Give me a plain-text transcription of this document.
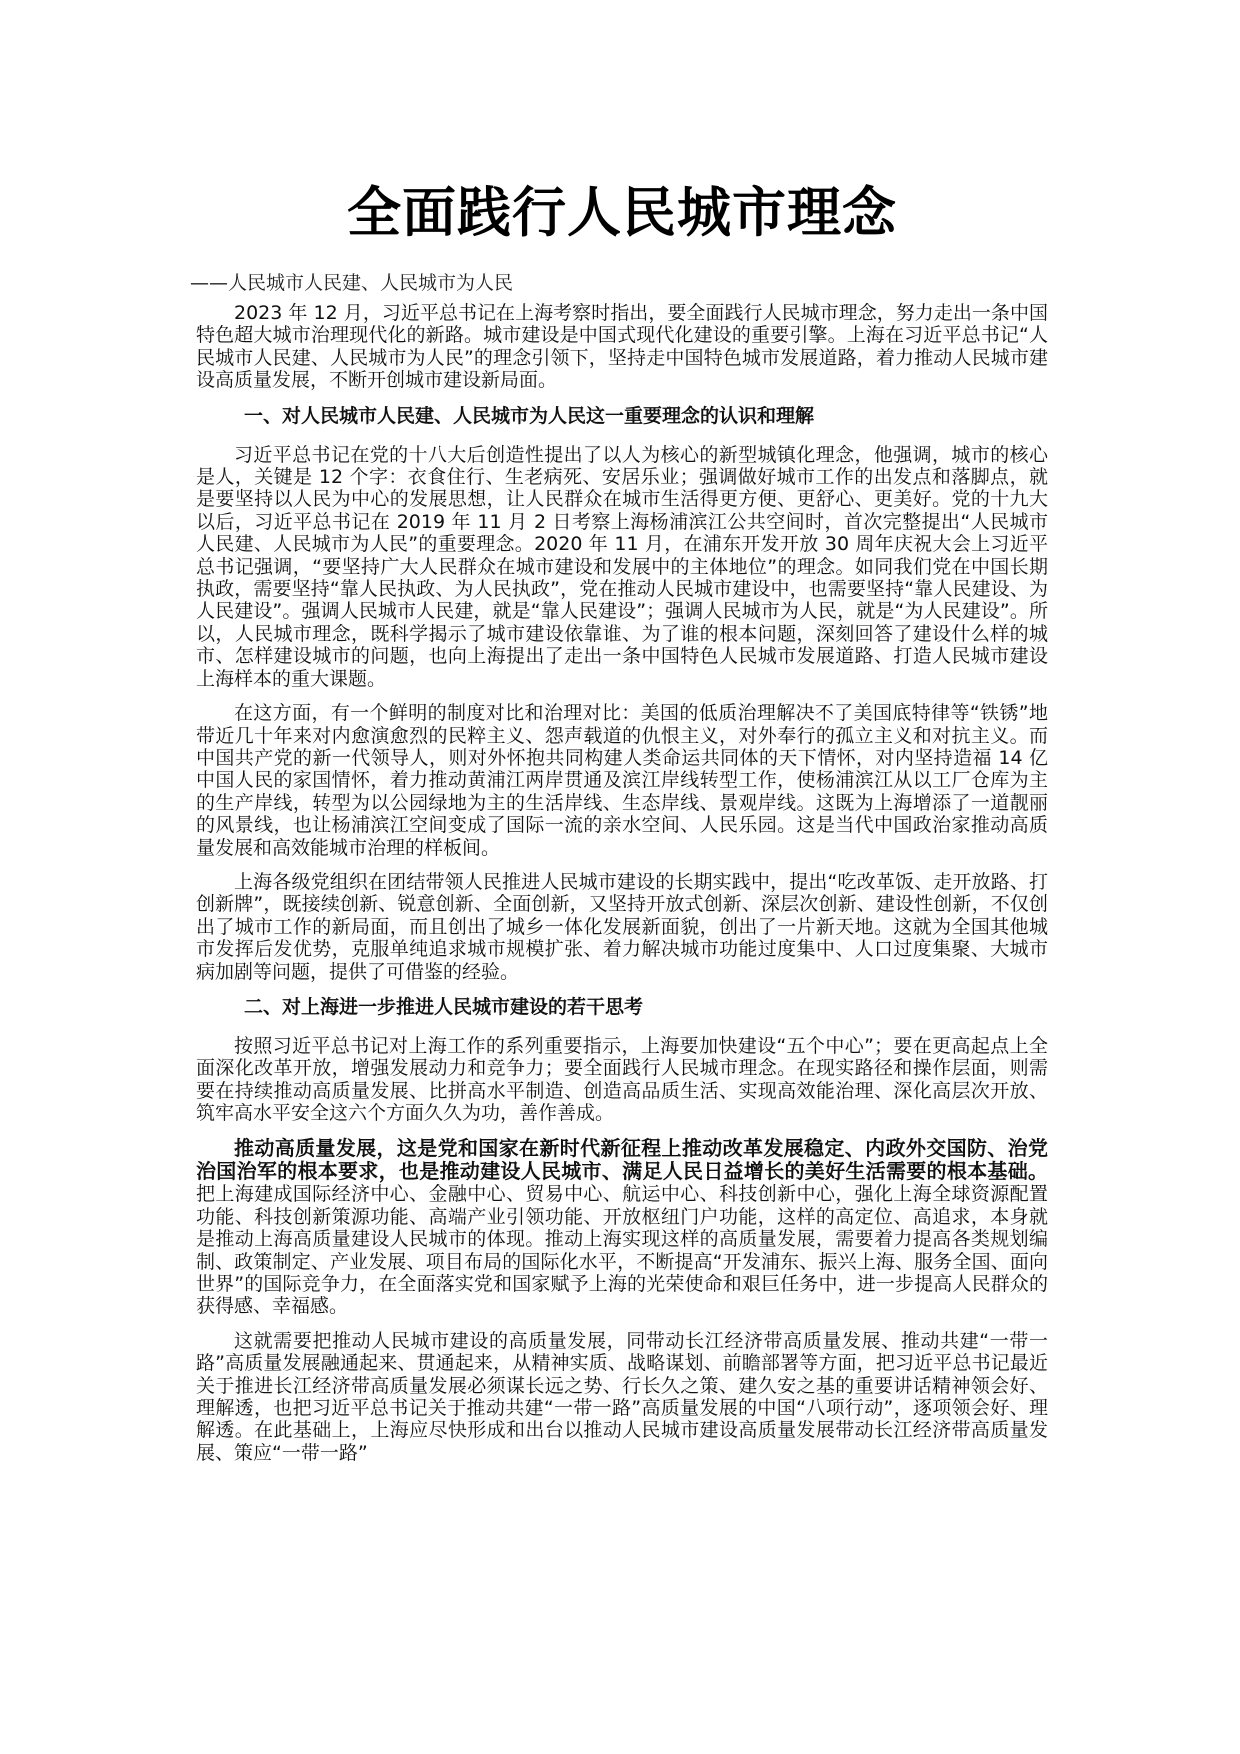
全面践行人民城市理念
——人民城市人民建、人民城市为人民

2023 年 12 月，习近平总书记在上海考察时指出，要全面践行人民城市理念，努力走出一条中国特色超大城市治理现代化的新路。城市建设是中国式现代化建设的重要引擎。上海在习近平总书记“人民城市人民建、人民城市为人民”的理念引领下，坚持走中国特色城市发展道路，着力推动人民城市建设高质量发展，不断开创城市建设新局面。

一、对人民城市人民建、人民城市为人民这一重要理念的认识和理解

习近平总书记在党的十八大后创造性提出了以人为核心的新型城镇化理念，他强调，城市的核心是人，关键是 12 个字：衣食住行、生老病死、安居乐业；强调做好城市工作的出发点和落脚点，就是要坚持以人民为中心的发展思想，让人民群众在城市生活得更方便、更舒心、更美好。党的十九大以后，习近平总书记在 2019 年 11 月 2 日考察上海杨浦滨江公共空间时，首次完整提出“人民城市人民建、人民城市为人民”的重要理念。2020 年 11 月，在浦东开发开放 30 周年庆祝大会上习近平总书记强调，“要坚持广大人民群众在城市建设和发展中的主体地位”的理念。如同我们党在中国长期执政，需要坚持“靠人民执政、为人民执政”，党在推动人民城市建设中，也需要坚持“靠人民建设、为人民建设”。强调人民城市人民建，就是“靠人民建设”；强调人民城市为人民，就是“为人民建设”。所以，人民城市理念，既科学揭示了城市建设依靠谁、为了谁的根本问题，深刻回答了建设什么样的城市、怎样建设城市的问题，也向上海提出了走出一条中国特色人民城市发展道路、打造人民城市建设上海样本的重大课题。

在这方面，有一个鲜明的制度对比和治理对比：美国的低质治理解决不了美国底特律等“铁锈”地带近几十年来对内愈演愈烈的民粹主义、怨声载道的仇恨主义，对外奉行的孤立主义和对抗主义。而中国共产党的新一代领导人，则对外怀抱共同构建人类命运共同体的天下情怀，对内坚持造福 14 亿中国人民的家国情怀，着力推动黄浦江两岸贯通及滨江岸线转型工作，使杨浦滨江从以工厂仓库为主的生产岸线，转型为以公园绿地为主的生活岸线、生态岸线、景观岸线。这既为上海增添了一道靓丽的风景线，也让杨浦滨江空间变成了国际一流的亲水空间、人民乐园。这是当代中国政治家推动高质量发展和高效能城市治理的样板间。

上海各级党组织在团结带领人民推进人民城市建设的长期实践中，提出“吃改革饭、走开放路、打创新牌”，既接续创新、锐意创新、全面创新，又坚持开放式创新、深层次创新、建设性创新，不仅创出了城市工作的新局面，而且创出了城乡一体化发展新面貌，创出了一片新天地。这就为全国其他城市发挥后发优势，克服单纯追求城市规模扩张、着力解决城市功能过度集中、人口过度集聚、大城市病加剧等问题，提供了可借鉴的经验。

二、对上海进一步推进人民城市建设的若干思考

按照习近平总书记对上海工作的系列重要指示，上海要加快建设“五个中心”；要在更高起点上全面深化改革开放，增强发展动力和竞争力；要全面践行人民城市理念。在现实路径和操作层面，则需要在持续推动高质量发展、比拼高水平制造、创造高品质生活、实现高效能治理、深化高层次开放、筑牢高水平安全这六个方面久久为功，善作善成。

推动高质量发展，这是党和国家在新时代新征程上推动改革发展稳定、内政外交国防、治党治国治军的根本要求，也是推动建设人民城市、满足人民日益增长的美好生活需要的根本基础。把上海建成国际经济中心、金融中心、贸易中心、航运中心、科技创新中心，强化上海全球资源配置功能、科技创新策源功能、高端产业引领功能、开放枢纽门户功能，这样的高定位、高追求，本身就是推动上海高质量建设人民城市的体现。推动上海实现这样的高质量发展，需要着力提高各类规划编制、政策制定、产业发展、项目布局的国际化水平，不断提高“开发浦东、振兴上海、服务全国、面向世界”的国际竞争力，在全面落实党和国家赋予上海的光荣使命和艰巨任务中，进一步提高人民群众的获得感、幸福感。

这就需要把推动人民城市建设的高质量发展，同带动长江经济带高质量发展、推动共建“一带一路”高质量发展融通起来、贯通起来，从精神实质、战略谋划、前瞻部署等方面，把习近平总书记最近关于推进长江经济带高质量发展必须谋长远之势、行长久之策、建久安之基的重要讲话精神领会好、理解透，也把习近平总书记关于推动共建“一带一路”高质量发展的中国“八项行动”，逐项领会好、理解透。在此基础上，上海应尽快形成和出台以推动人民城市建设高质量发展带动长江经济带高质量发展、策应“一带一路”
